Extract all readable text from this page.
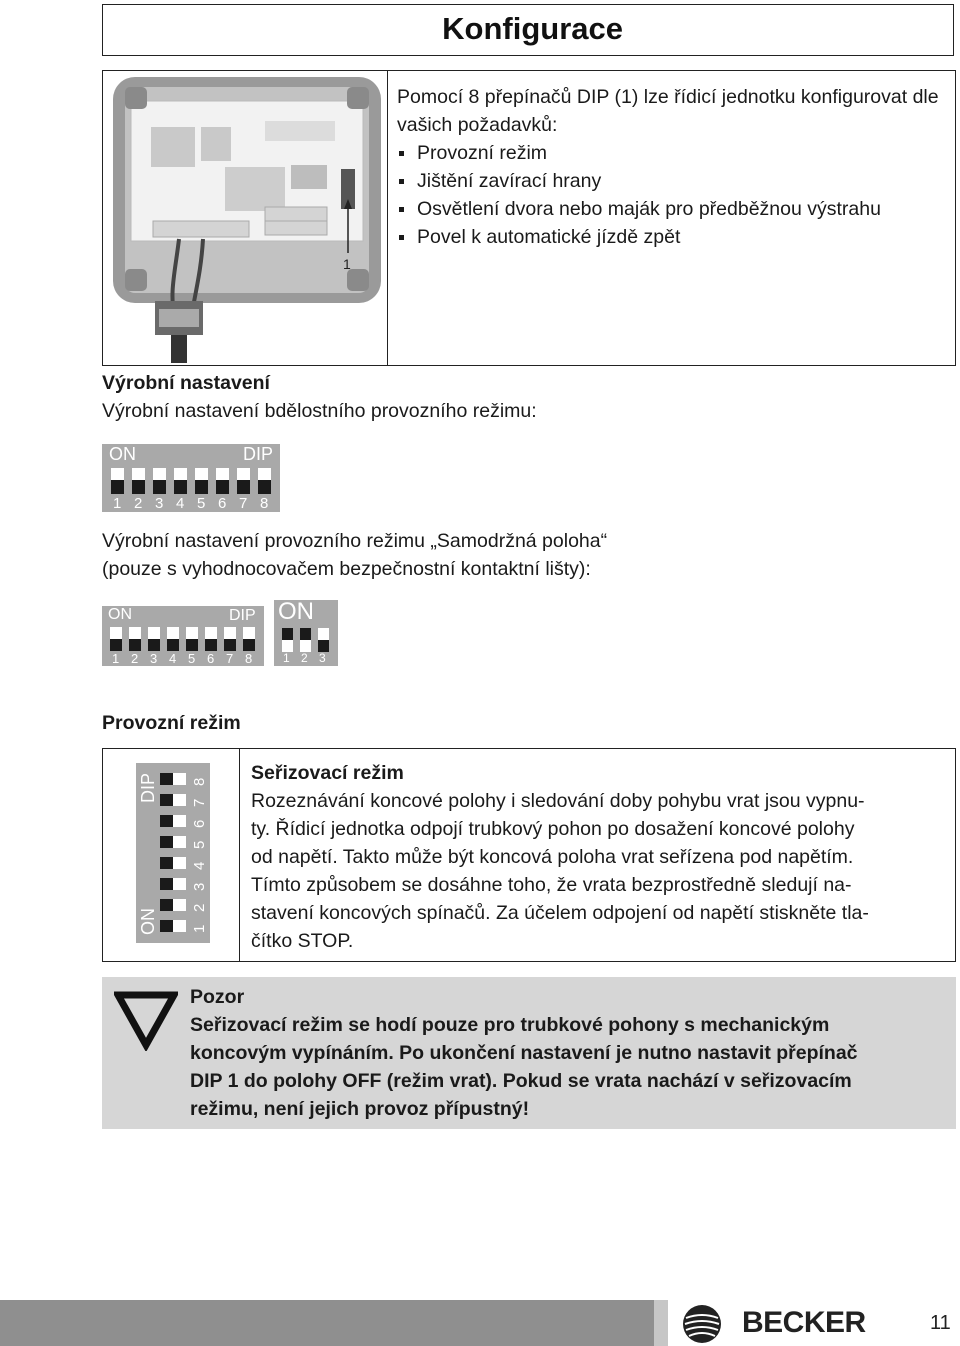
Konfigurace
1
Pomocí 8 přepínačů DIP (1) lze řídicí jednotku konfigurovat dle vašich požadavků:
Provozní režim
Jištění zavírací hrany
Osvětlení dvora nebo maják pro předběžnou výstrahu
Povel k automatické jízdě zpět
Výrobní nastavení
Výrobní nastavení bdělostního provozního režimu:
ON	DIP
1 2 3 4 5 6 7 8
Výrobní nastavení provozního režimu „Samodržná poloha“
(pouze s vyhodnocovačem bezpečnostní kontaktní lišty):
ON	DIP
1 2 3 4 5 6 7 8
ON
1 2 3
Provozní režim
ON
DIP 8
7
6
5
4
3
2
1
Seřizovací režim
Rozeznávání koncové polohy i sledování doby pohybu vrat jsou vypnu-
ty. Řídicí jednotka odpojí trubkový pohon po dosažení koncové polohy
od napětí. Takto může být koncová poloha vrat seřízena pod napětím.
Tímto způsobem se dosáhne toho, že vrata bezprostředně sledují na-
stavení koncových spínačů. Za účelem odpojení od napětí stiskněte tla-
čítko STOP.
Pozor
Seřizovací režim se hodí pouze pro trubkové pohony s mechanickým
koncovým vypínáním. Po ukončení nastavení je nutno nastavit přepínač
DIP 1 do polohy OFF (režim vrat). Pokud se vrata nachází v seřizovacím
režimu, není jejich provoz přípustný!
BECKER	11
